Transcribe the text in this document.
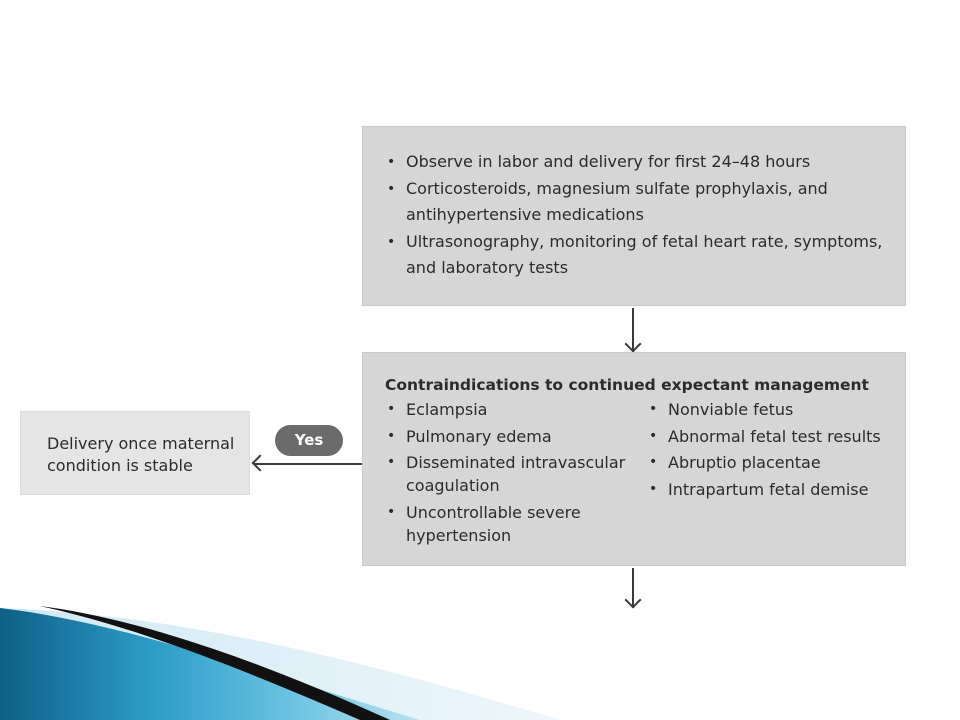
• Observe in labor and delivery for first 24–48 hours
• Corticosteroids, magnesium sulfate prophylaxis, and antihypertensive medications
• Ultrasonography, monitoring of fetal heart rate, symptoms, and laboratory tests
Contraindications to continued expectant management
• Eclampsia
• Pulmonary edema
• Disseminated intravascular coagulation
• Uncontrollable severe hypertension
• Nonviable fetus
• Abnormal fetal test results
• Abruptio placentae
• Intrapartum fetal demise
Yes
Delivery once maternal condition is stable
